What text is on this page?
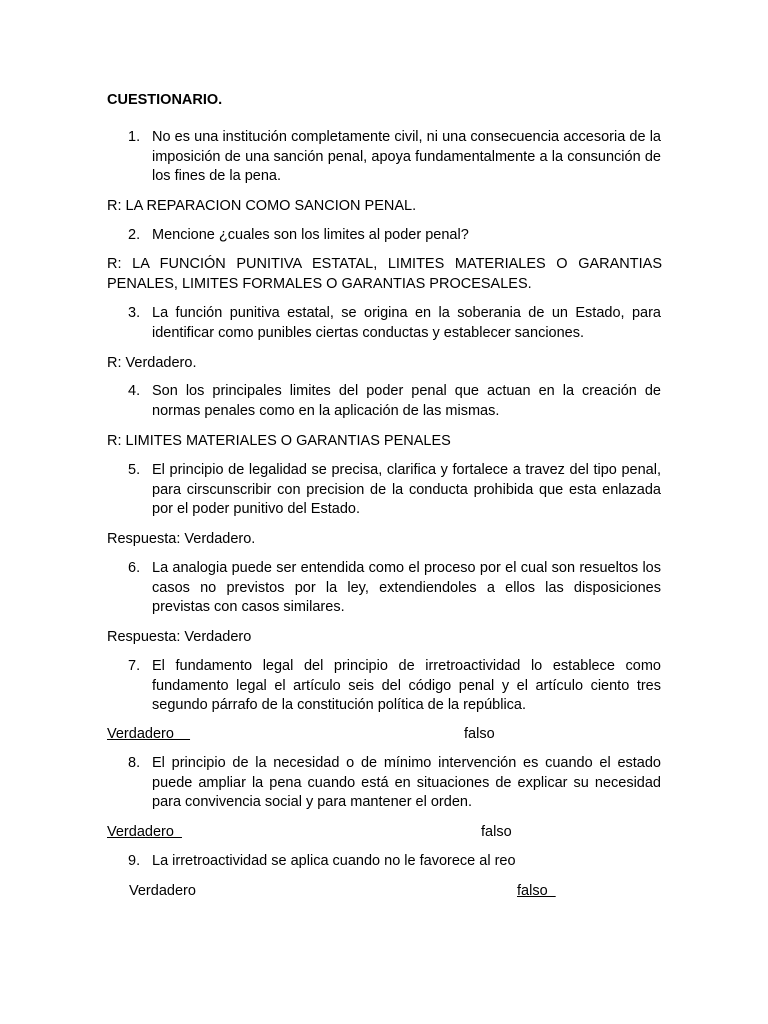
CUESTIONARIO.
1. No es una institución completamente civil, ni una consecuencia accesoria de la imposición de una sanción penal, apoya fundamentalmente a la consunción de los fines de la pena.
R: LA REPARACION COMO SANCION PENAL.
2. Mencione ¿cuales son los limites al poder penal?
R: LA FUNCIÓN PUNITIVA ESTATAL, LIMITES MATERIALES O GARANTIAS PENALES, LIMITES FORMALES O GARANTIAS PROCESALES.
3. La función punitiva estatal, se origina en la soberania de un Estado, para identificar como punibles ciertas conductas y establecer sanciones.
R: Verdadero.
4. Son los principales limites del poder penal que actuan en la creación de normas penales como en la aplicación de las mismas.
R: LIMITES MATERIALES O GARANTIAS PENALES
5. El principio de legalidad se precisa, clarifica y fortalece a travez del tipo penal, para cirscunscribir con precision de la conducta prohibida que esta enlazada por el poder punitivo del Estado.
Respuesta: Verdadero.
6. La analogia puede ser entendida como el proceso por el cual son resueltos los casos no previstos por la ley, extendiendoles a ellos las disposiciones previstas con casos similares.
Respuesta: Verdadero
7. El fundamento legal del principio de irretroactividad lo establece como fundamento legal el artículo seis del código penal y el artículo ciento tres segundo párrafo de la constitución política de la república.
Verdadero	falso
8. El principio de la necesidad o de mínimo intervención es cuando el estado puede ampliar la pena cuando está en situaciones de explicar su necesidad para convivencia social y para mantener el orden.
Verdadero	falso
9. La irretroactividad se aplica cuando no le favorece al reo
Verdadero	falso
